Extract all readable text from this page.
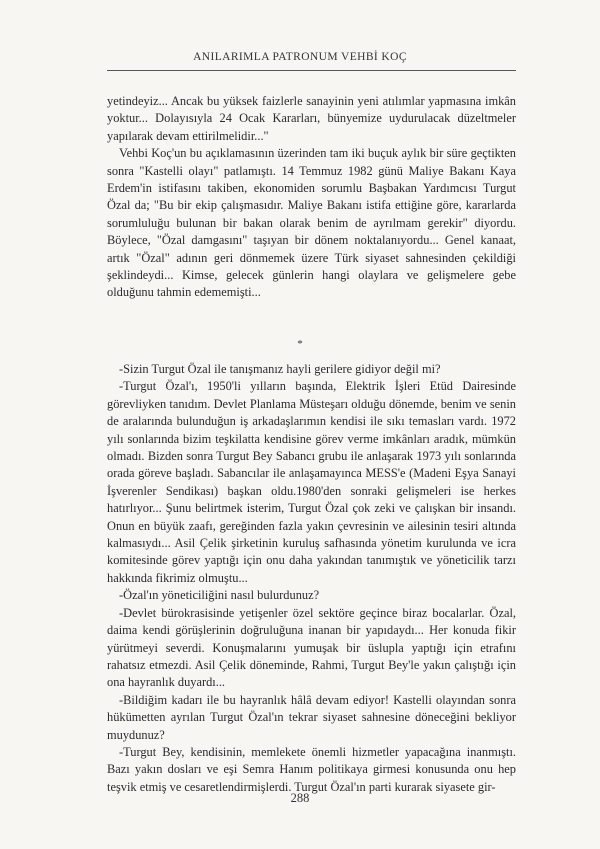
ANILARIMLA PATRONUM VEHBİ KOÇ

yetindeyiz... Ancak bu yüksek faizlerle sanayinin yeni atılımlar yapmasına imkân yoktur... Dolayısıyla 24 Ocak Kararları, bünyemize uydurulacak düzeltmeler yapılarak devam ettirilmelidir..."

Vehbi Koç'un bu açıklamasının üzerinden tam iki buçuk aylık bir süre geçtikten sonra "Kastelli olayı" patlamıştı. 14 Temmuz 1982 günü Maliye Bakanı Kaya Erdem'in istifasını takiben, ekonomiden sorumlu Başbakan Yardımcısı Turgut Özal da; "Bu bir ekip çalışmasıdır. Maliye Bakanı istifa ettiğine göre, kararlarda sorumluluğu bulunan bir bakan olarak benim de ayrılmam gerekir" diyordu. Böylece, "Özal damgasını" taşıyan bir dönem noktalanıyordu... Genel kanaat, artık "Özal" adının geri dönmemek üzere Türk siyaset sahnesinden çekildiği şeklindeydi... Kimse, gelecek günlerin hangi olaylara ve gelişmelere gebe olduğunu tahmin edememişti...

*

-Sizin Turgut Özal ile tanışmanız hayli gerilere gidiyor değil mi?

-Turgut Özal'ı, 1950'li yılların başında, Elektrik İşleri Etüd Dairesinde görevliyken tanıdım. Devlet Planlama Müsteşarı olduğu dönemde, benim ve senin de aralarında bulunduğun iş arkadaşlarımın kendisi ile sıkı temasları vardı. 1972 yılı sonlarında bizim teşkilatta kendisine görev verme imkânları aradık, mümkün olmadı. Bizden sonra Turgut Bey Sabancı grubu ile anlaşarak 1973 yılı sonlarında orada göreve başladı. Sabancılar ile anlaşamayınca MESS'e (Madeni Eşya Sanayi İşverenler Sendikası) başkan oldu.1980'den sonraki gelişmeleri ise herkes hatırlıyor... Şunu belirtmek isterim, Turgut Özal çok zeki ve çalışkan bir insandı. Onun en büyük zaafı, gereğinden fazla yakın çevresinin ve ailesinin tesiri altında kalmasıydı... Asil Çelik şirketinin kuruluş safhasında yönetim kurulunda ve icra komitesinde görev yaptığı için onu daha yakından tanımıştık ve yöneticilik tarzı hakkında fikrimiz olmuştu...

-Özal'ın yöneticiliğini nasıl bulurdunuz?

-Devlet bürokrasisinde yetişenler özel sektöre geçince biraz bocalarlar. Özal, daima kendi görüşlerinin doğruluğuna inanan bir yapıdaydı... Her konuda fikir yürütmeyi severdi. Konuşmalarını yumuşak bir üslupla yaptığı için etrafını rahatsız etmezdi. Asil Çelik döneminde, Rahmi, Turgut Bey'le yakın çalıştığı için ona hayranlık duyardı...

-Bildiğim kadarı ile bu hayranlık hâlâ devam ediyor! Kastelli olayından sonra hükümetten ayrılan Turgut Özal'ın tekrar siyaset sahnesine döneceğini bekliyor muydunuz?

-Turgut Bey, kendisinin, memlekete önemli hizmetler yapacağına inanmıştı. Bazı yakın dosları ve eşi Semra Hanım politikaya girmesi konusunda onu hep teşvik etmiş ve cesaretlendirmişlerdi. Turgut Özal'ın parti kurarak siyasete gir-

288
